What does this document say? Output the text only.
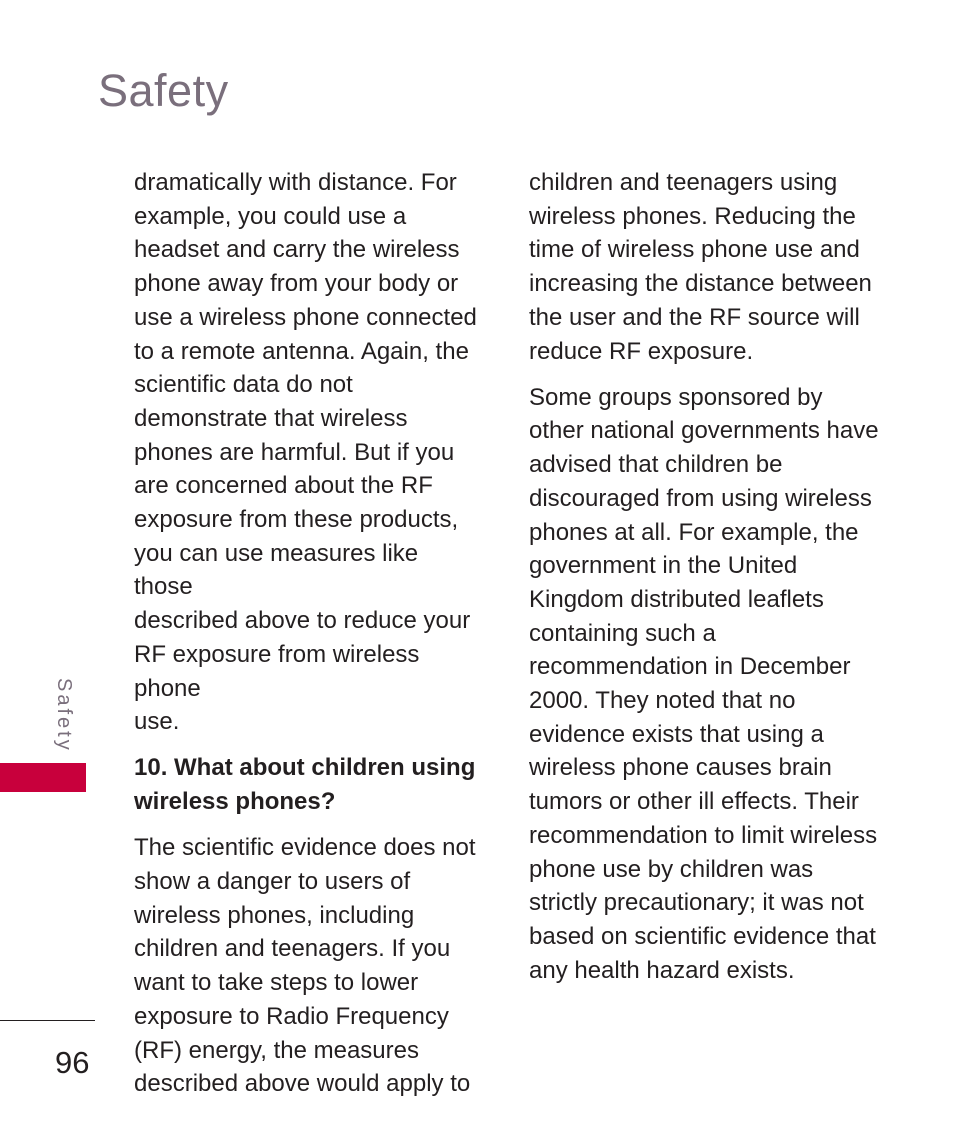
Safety

dramatically with distance. For
example, you could use a
headset and carry the wireless
phone away from your body or
use a wireless phone connected
to a remote antenna. Again, the
scientific data do not
demonstrate that wireless
phones are harmful. But if you
are concerned about the RF
exposure from these products,
you can use measures like those
described above to reduce your
RF exposure from wireless phone
use.

10. What about children using
wireless phones?

The scientific evidence does not
show a danger to users of
wireless phones, including
children and teenagers. If you
want to take steps to lower
exposure to Radio Frequency
(RF) energy, the measures
described above would apply to

children and teenagers using
wireless phones. Reducing the
time of wireless phone use and
increasing the distance between
the user and the RF source will
reduce RF exposure.

Some groups sponsored by
other national governments have
advised that children be
discouraged from using wireless
phones at all. For example, the
government in the United
Kingdom distributed leaflets
containing such a
recommendation in December
2000. They noted that no
evidence exists that using a
wireless phone causes brain
tumors or other ill effects. Their
recommendation to limit wireless
phone use by children was
strictly precautionary; it was not
based on scientific evidence that
any health hazard exists.

Safety
96
